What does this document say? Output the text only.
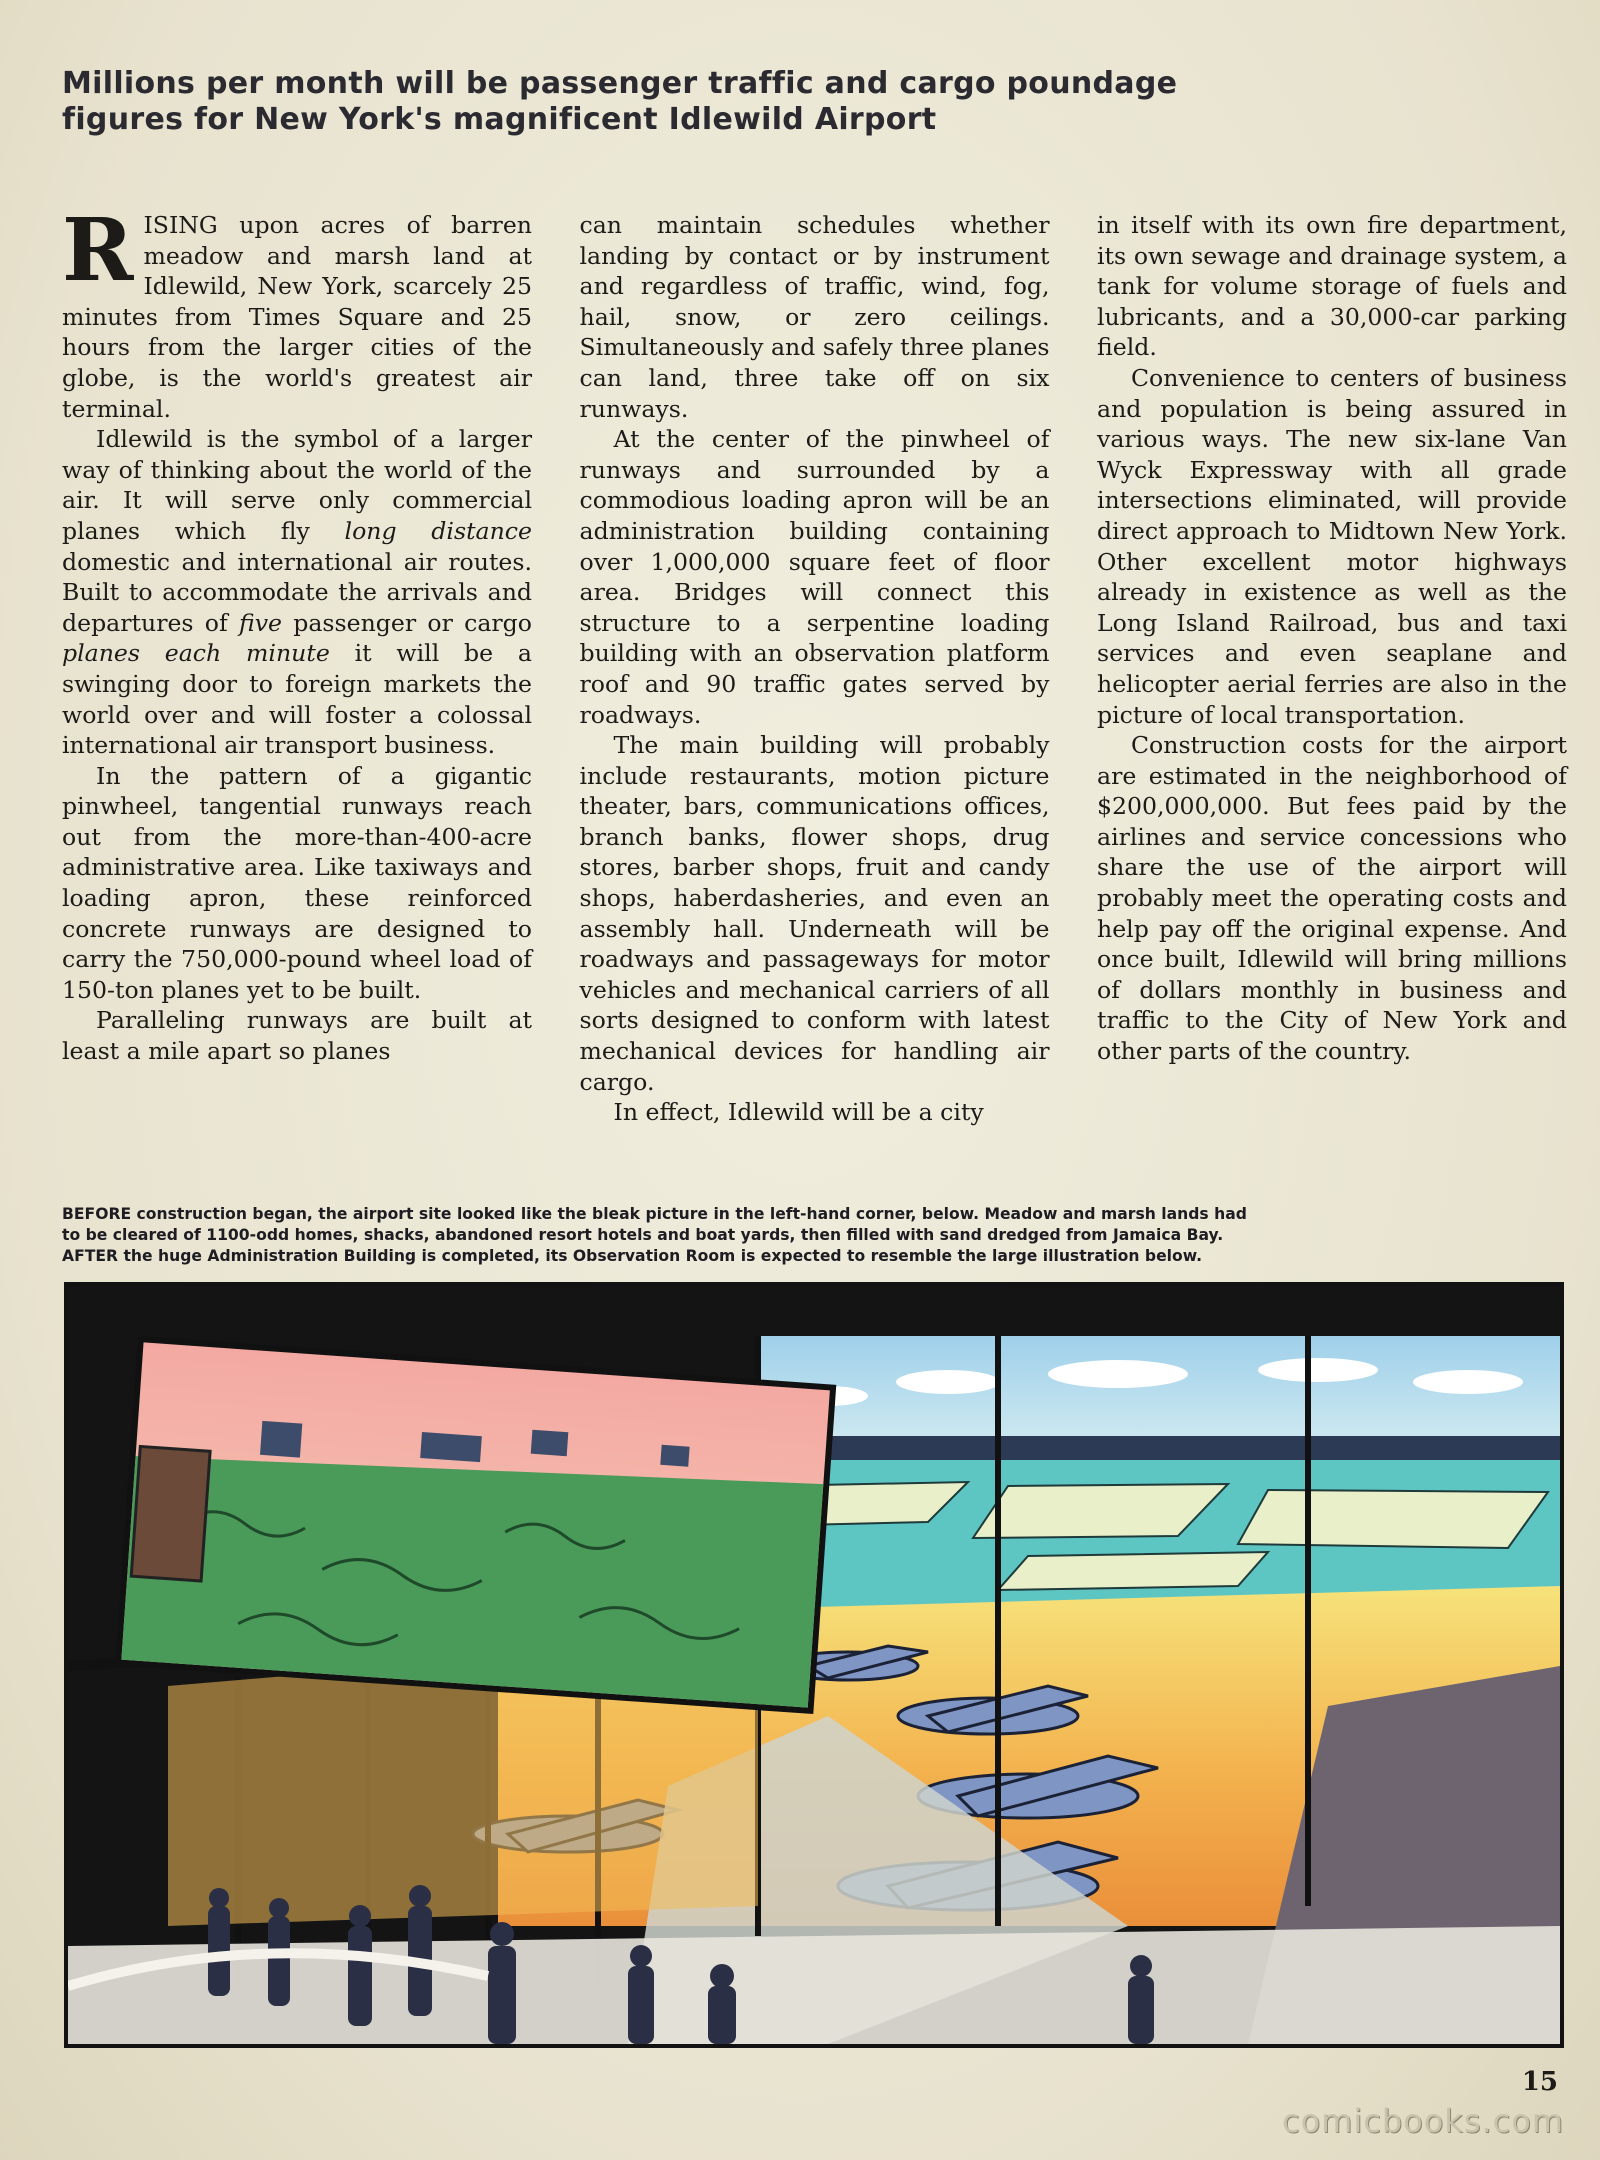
Millions per month will be passenger traffic and cargo poundage
figures for New York's magnificent Idlewild Airport

RISING upon acres of barren meadow and marsh land at Idlewild, New York, scarcely 25 minutes from Times Square and 25 hours from the larger cities of the globe, is the world's greatest air terminal.

Idlewild is the symbol of a larger way of thinking about the world of the air. It will serve only commercial planes which fly long distance domestic and international air routes. Built to accommodate the arrivals and departures of five passenger or cargo planes each minute it will be a swinging door to foreign markets the world over and will foster a colossal international air transport business.

In the pattern of a gigantic pinwheel, tangential runways reach out from the more-than-400-acre administrative area. Like taxiways and loading apron, these reinforced concrete runways are designed to carry the 750,000-pound wheel load of 150-ton planes yet to be built.

Paralleling runways are built at least a mile apart so planes

can maintain schedules whether landing by contact or by instrument and regardless of traffic, wind, fog, hail, snow, or zero ceilings. Simultaneously and safely three planes can land, three take off on six runways.

At the center of the pinwheel of runways and surrounded by a commodious loading apron will be an administration building containing over 1,000,000 square feet of floor area. Bridges will connect this structure to a serpentine loading building with an observation platform roof and 90 traffic gates served by roadways.

The main building will probably include restaurants, motion picture theater, bars, communications offices, branch banks, flower shops, drug stores, barber shops, fruit and candy shops, haberdasheries, and even an assembly hall. Underneath will be roadways and passageways for motor vehicles and mechanical carriers of all sorts designed to conform with latest mechanical devices for handling air cargo.

In effect, Idlewild will be a city

in itself with its own fire department, its own sewage and drainage system, a tank for volume storage of fuels and lubricants, and a 30,000-car parking field.

Convenience to centers of business and population is being assured in various ways. The new six-lane Van Wyck Expressway with all grade intersections eliminated, will provide direct approach to Midtown New York. Other excellent motor highways already in existence as well as the Long Island Railroad, bus and taxi services and even seaplane and helicopter aerial ferries are also in the picture of local transportation.

Construction costs for the airport are estimated in the neighborhood of $200,000,000. But fees paid by the airlines and service concessions who share the use of the airport will probably meet the operating costs and help pay off the original expense. And once built, Idlewild will bring millions of dollars monthly in business and traffic to the City of New York and other parts of the country.

BEFORE construction began, the airport site looked like the bleak picture in the left-hand corner, below. Meadow and marsh lands had
to be cleared of 1100-odd homes, shacks, abandoned resort hotels and boat yards, then filled with sand dredged from Jamaica Bay.
AFTER the huge Administration Building is completed, its Observation Room is expected to resemble the large illustration below.
15
comicbooks.com
